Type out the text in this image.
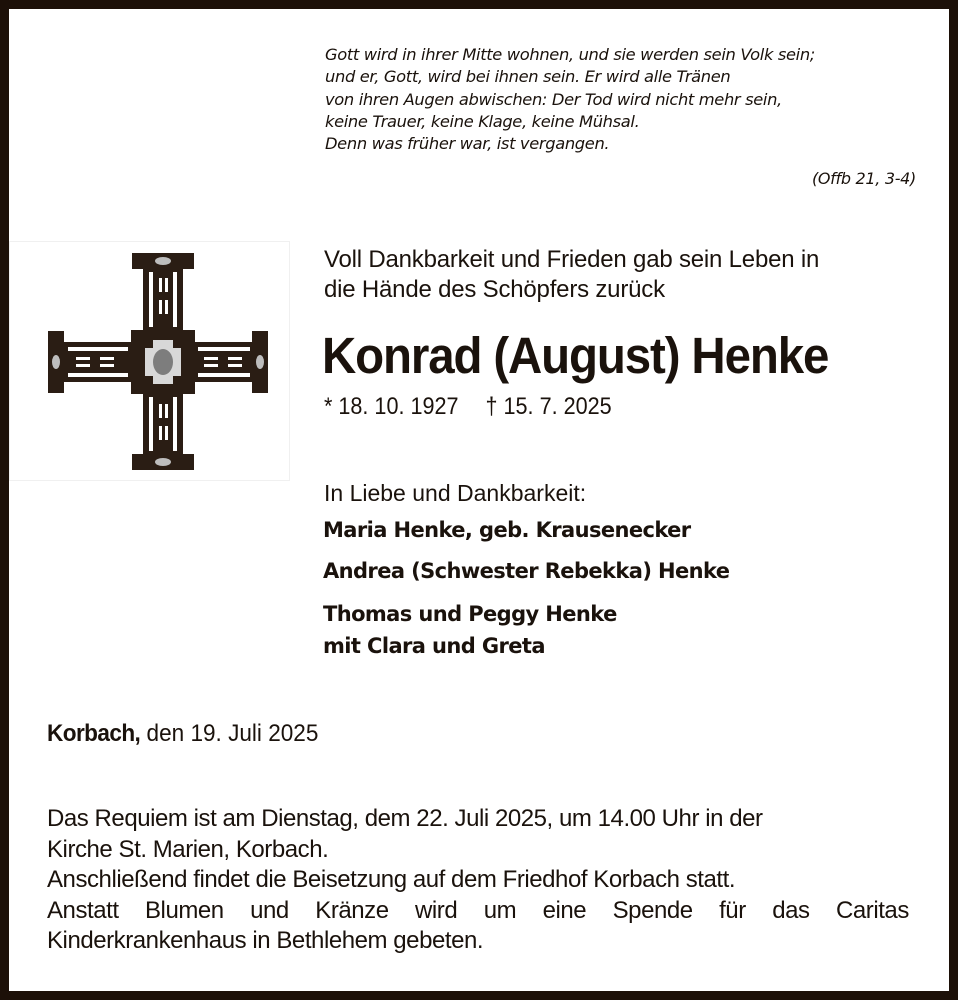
Gott wird in ihrer Mitte wohnen, und sie werden sein Volk sein;
und er, Gott, wird bei ihnen sein. Er wird alle Tränen
von ihren Augen abwischen: Der Tod wird nicht mehr sein,
keine Trauer, keine Klage, keine Mühsal.
Denn was früher war, ist vergangen.
(Offb 21, 3-4)
Voll Dankbarkeit und Frieden gab sein Leben in
die Hände des Schöpfers zurück
Konrad (August) Henke
* 18. 10. 1927 † 15. 7. 2025
In Liebe und Dankbarkeit:
Maria Henke, geb. Krausenecker
Andrea (Schwester Rebekka) Henke
Thomas und Peggy Henke
mit Clara und Greta
Korbach, den 19. Juli 2025
Das Requiem ist am Dienstag, dem 22. Juli 2025, um 14.00 Uhr in der
Kirche St. Marien, Korbach.
Anschließend findet die Beisetzung auf dem Friedhof Korbach statt.
Anstatt Blumen und Kränze wird um eine Spende für das Caritas
Kinderkrankenhaus in Bethlehem gebeten.
